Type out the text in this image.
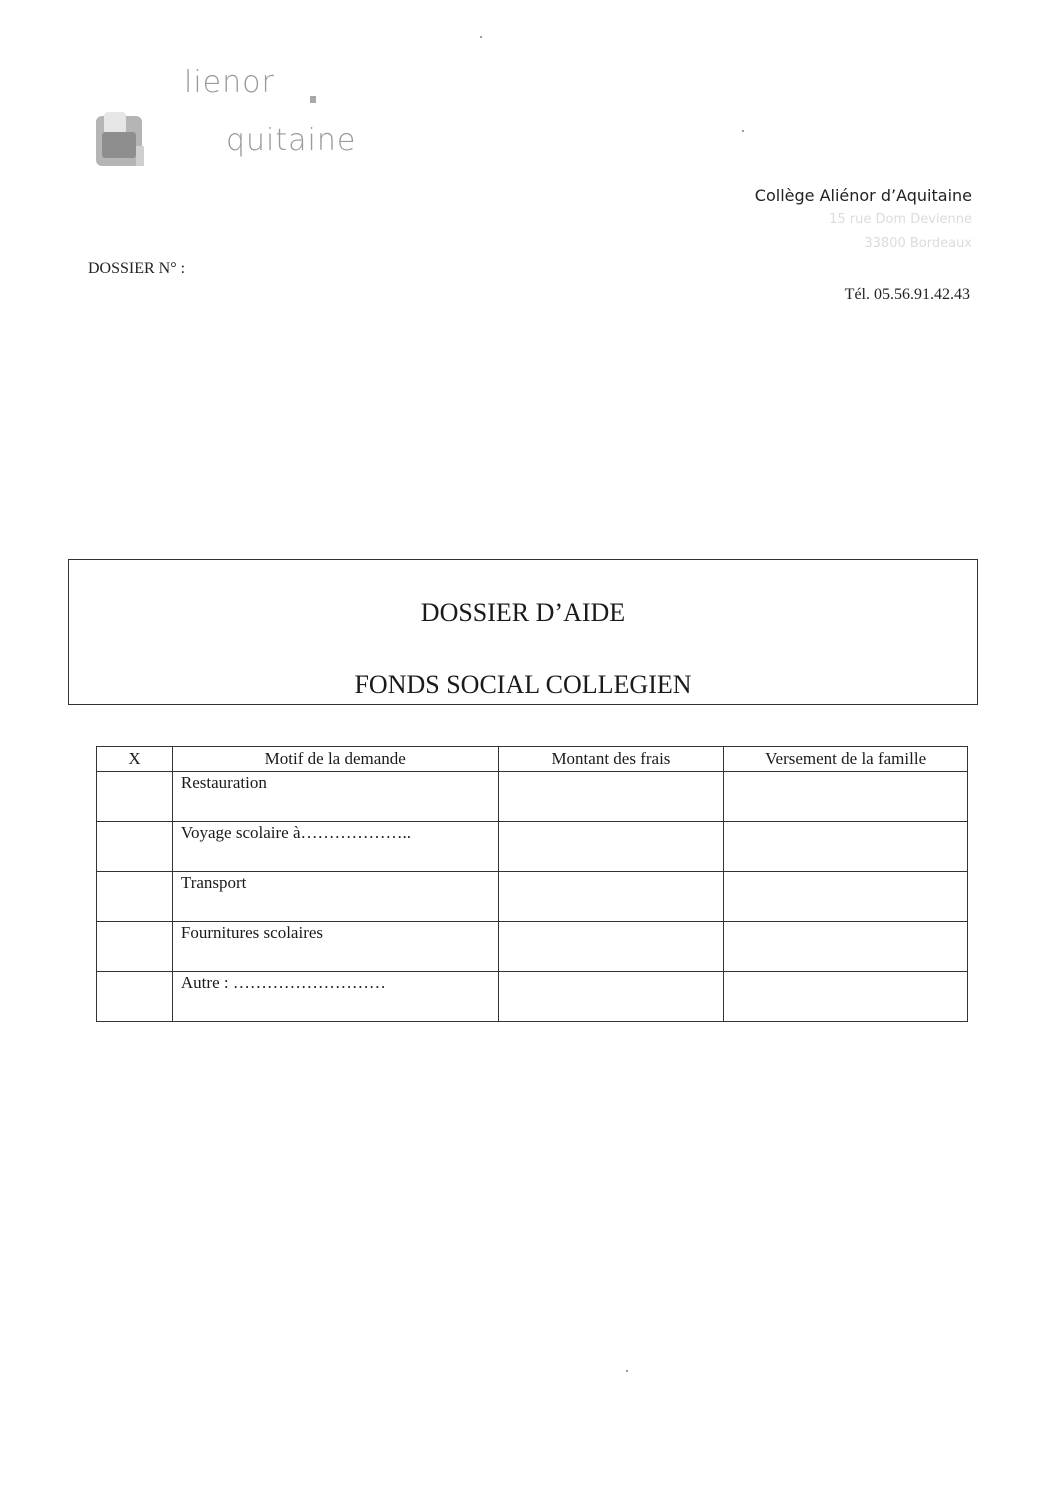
lienor
quitaine
Collège Aliénor d’Aquitaine
15 rue Dom Devienne
33800 Bordeaux
DOSSIER N° :
Tél. 05.56.91.42.43
DOSSIER D’AIDE
FONDS SOCIAL COLLEGIEN
X	Motif de la demande	Montant des frais	Versement de la famille
	Restauration		
	Voyage scolaire à………………..		
	Transport		
	Fournitures scolaires		
	Autre : ………………………		
